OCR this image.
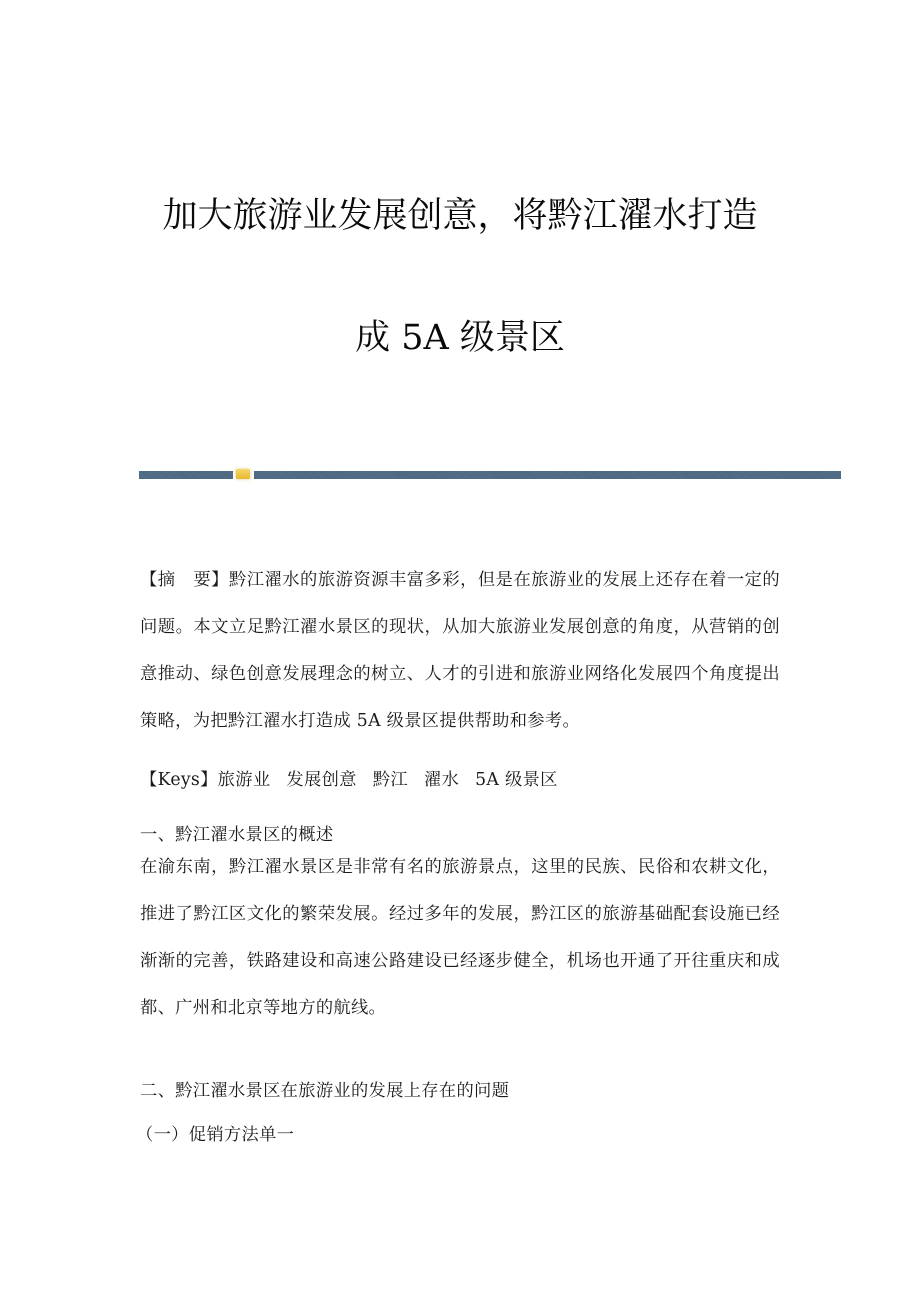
加大旅游业发展创意，将黔江濯水打造
成 5A 级景区
【摘　要】黔江濯水的旅游资源丰富多彩，但是在旅游业的发展上还存在着一定的问题。本文立足黔江濯水景区的现状，从加大旅游业发展创意的角度，从营销的创意推动、绿色创意发展理念的树立、人才的引进和旅游业网络化发展四个角度提出策略，为把黔江濯水打造成 5A 级景区提供帮助和参考。
【Keys】旅游业 发展创意 黔江 濯水 5A 级景区
一、黔江濯水景区的概述
在渝东南，黔江濯水景区是非常有名的旅游景点，这里的民族、民俗和农耕文化，推进了黔江区文化的繁荣发展。经过多年的发展，黔江区的旅游基础配套设施已经渐渐的完善，铁路建设和高速公路建设已经逐步健全，机场也开通了开往重庆和成都、广州和北京等地方的航线。
二、黔江濯水景区在旅游业的发展上存在的问题
（一）促销方法单一
